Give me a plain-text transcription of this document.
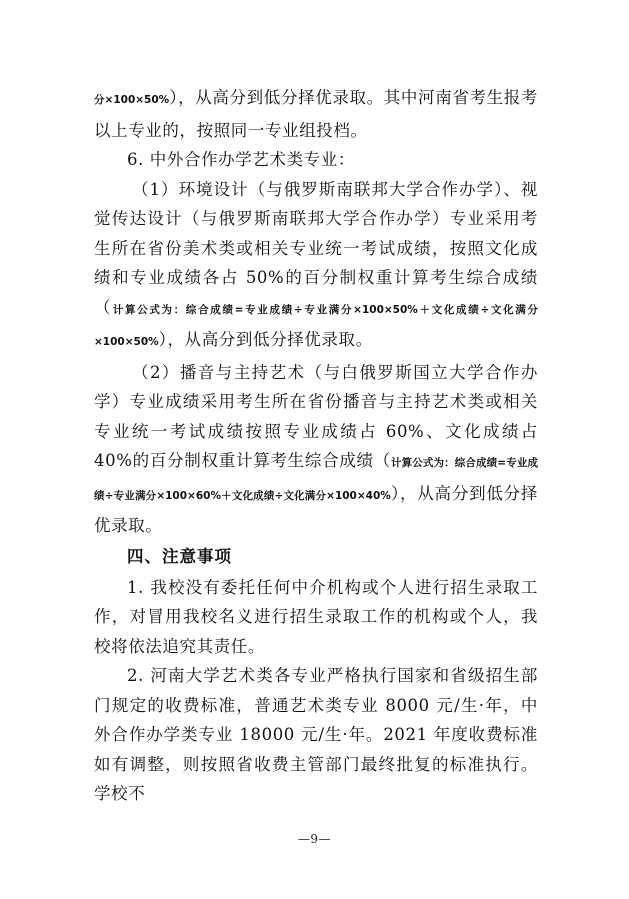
分×100×50%），从高分到低分择优录取。其中河南省考生报考以上专业的，按照同一专业组投档。

6. 中外合作办学艺术类专业：

（1）环境设计（与俄罗斯南联邦大学合作办学）、视觉传达设计（与俄罗斯南联邦大学合作办学）专业采用考生所在省份美术类或相关专业统一考试成绩，按照文化成绩和专业成绩各占 50%的百分制权重计算考生综合成绩（计算公式为：综合成绩=专业成绩÷专业满分×100×50%＋文化成绩÷文化满分×100×50%），从高分到低分择优录取。

（2）播音与主持艺术（与白俄罗斯国立大学合作办学）专业成绩采用考生所在省份播音与主持艺术类或相关专业统一考试成绩按照专业成绩占 60%、文化成绩占 40%的百分制权重计算考生综合成绩（计算公式为：综合成绩=专业成绩÷专业满分×100×60%＋文化成绩÷文化满分×100×40%），从高分到低分择优录取。

四、注意事项

1. 我校没有委托任何中介机构或个人进行招生录取工作，对冒用我校名义进行招生录取工作的机构或个人，我校将依法追究其责任。

2. 河南大学艺术类各专业严格执行国家和省级招生部门规定的收费标准，普通艺术类专业 8000 元/生·年，中外合作办学类专业 18000 元/生·年。2021 年度收费标准如有调整，则按照省收费主管部门最终批复的标准执行。学校不

—9—
